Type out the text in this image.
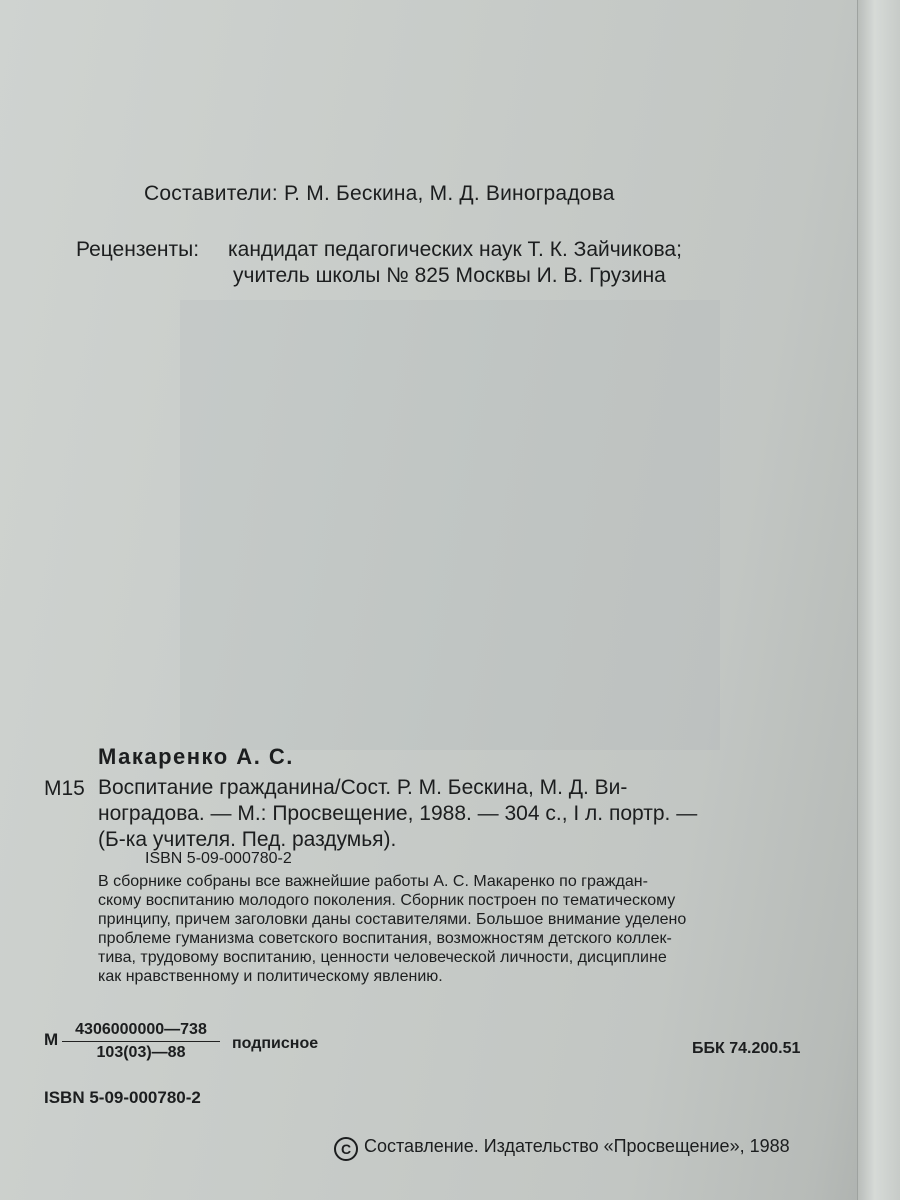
Составители: Р. М. Бескина, М. Д. Виноградова
Рецензенты: кандидат педагогических наук Т. К. Зайчикова;
учитель школы № 825 Москвы И. В. Грузина
Макаренко А. С.
М15 Воспитание гражданина/Сост. Р. М. Бескина, М. Д. Ви-
ноградова. — М.: Просвещение, 1988. — 304 с., I л. портр. —
(Б-ка учителя. Пед. раздумья).
ISBN 5-09-000780-2
В сборнике собраны все важнейшие работы А. С. Макаренко по граждан-
скому воспитанию молодого поколения. Сборник построен по тематическому
принципу, причем заголовки даны составителями. Большое внимание уделено
проблеме гуманизма советского воспитания, возможностям детского коллек-
тива, трудовому воспитанию, ценности человеческой личности, дисциплине
как нравственному и политическому явлению.
М $\frac{4306000000—738}{103(03)—88}$ подписное	ББК 74.200.51
ISBN 5-09-000780-2
С Составление. Издательство «Просвещение», 1988
